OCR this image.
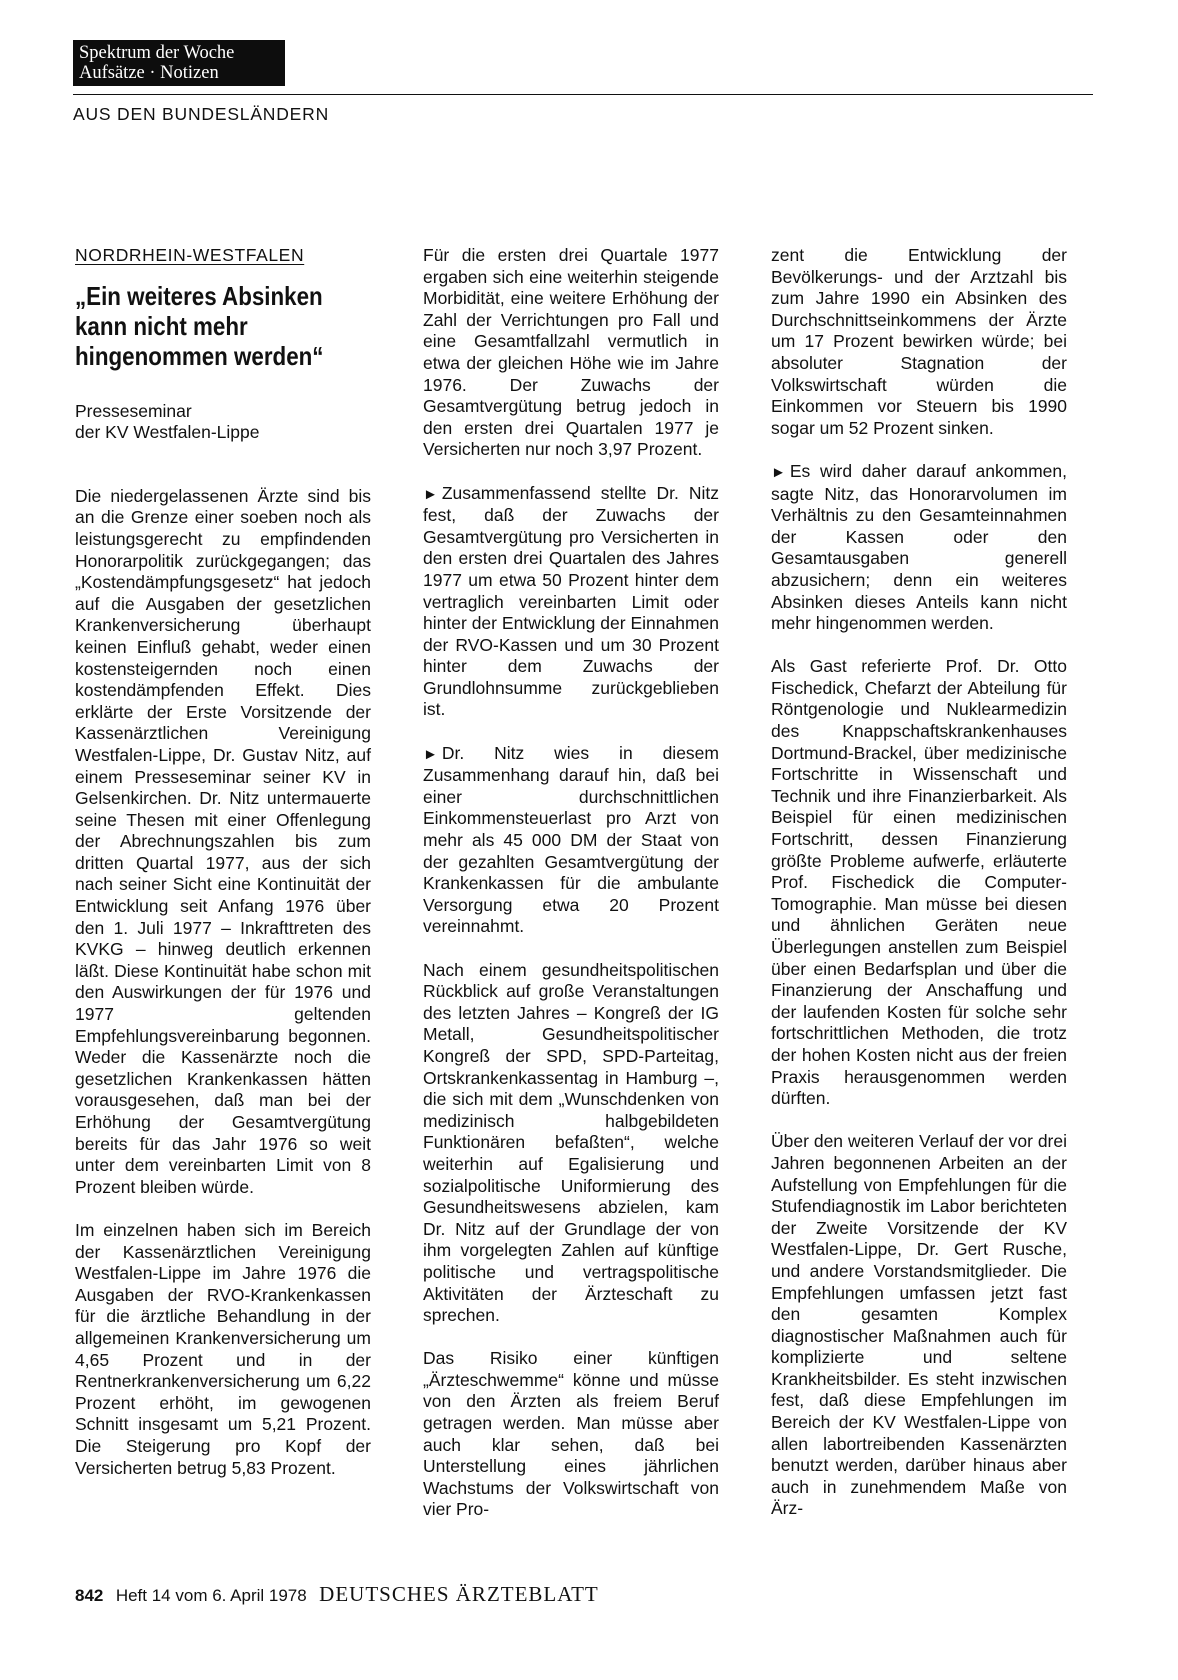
Spektrum der Woche
Aufsätze · Notizen
AUS DEN BUNDESLÄNDERN
NORDRHEIN-WESTFALEN
„Ein weiteres Absinken kann nicht mehr hingenommen werden“
Presseseminar
der KV Westfalen-Lippe

Die niedergelassenen Ärzte sind bis an die Grenze einer soeben noch als leistungsgerecht zu empfindenden Honorarpolitik zurückgegangen; das „Kostendämpfungsgesetz“ hat jedoch auf die Ausgaben der gesetzlichen Krankenversicherung überhaupt keinen Einfluß gehabt, weder einen kostensteigernden noch einen kostendämpfenden Effekt. Dies erklärte der Erste Vorsitzende der Kassenärztlichen Vereinigung Westfalen-Lippe, Dr. Gustav Nitz, auf einem Presseseminar seiner KV in Gelsenkirchen. Dr. Nitz untermauerte seine Thesen mit einer Offenlegung der Abrechnungszahlen bis zum dritten Quartal 1977, aus der sich nach seiner Sicht eine Kontinuität der Entwicklung seit Anfang 1976 über den 1. Juli 1977 – Inkrafttreten des KVKG – hinweg deutlich erkennen läßt. Diese Kontinuität habe schon mit den Auswirkungen der für 1976 und 1977 geltenden Empfehlungsvereinbarung begonnen. Weder die Kassenärzte noch die gesetzlichen Krankenkassen hätten vorausgesehen, daß man bei der Erhöhung der Gesamtvergütung bereits für das Jahr 1976 so weit unter dem vereinbarten Limit von 8 Prozent bleiben würde.

Im einzelnen haben sich im Bereich der Kassenärztlichen Vereinigung Westfalen-Lippe im Jahre 1976 die Ausgaben der RVO-Krankenkassen für die ärztliche Behandlung in der allgemeinen Krankenversicherung um 4,65 Prozent und in der Rentnerkrankenversicherung um 6,22 Prozent erhöht, im gewogenen Schnitt insgesamt um 5,21 Prozent. Die Steigerung pro Kopf der Versicherten betrug 5,83 Prozent.

Für die ersten drei Quartale 1977 ergaben sich eine weiterhin steigende Morbidität, eine weitere Erhöhung der Zahl der Verrichtungen pro Fall und eine Gesamtfallzahl vermutlich in etwa der gleichen Höhe wie im Jahre 1976. Der Zuwachs der Gesamtvergütung betrug jedoch in den ersten drei Quartalen 1977 je Versicherten nur noch 3,97 Prozent.

► Zusammenfassend stellte Dr. Nitz fest, daß der Zuwachs der Gesamtvergütung pro Versicherten in den ersten drei Quartalen des Jahres 1977 um etwa 50 Prozent hinter dem vertraglich vereinbarten Limit oder hinter der Entwicklung der Einnahmen der RVO-Kassen und um 30 Prozent hinter dem Zuwachs der Grundlohnsumme zurückgeblieben ist.

► Dr. Nitz wies in diesem Zusammenhang darauf hin, daß bei einer durchschnittlichen Einkommensteuerlast pro Arzt von mehr als 45 000 DM der Staat von der gezahlten Gesamtvergütung der Krankenkassen für die ambulante Versorgung etwa 20 Prozent vereinnahmt.

Nach einem gesundheitspolitischen Rückblick auf große Veranstaltungen des letzten Jahres – Kongreß der IG Metall, Gesundheitspolitischer Kongreß der SPD, SPD-Parteitag, Ortskrankenkassentag in Hamburg –, die sich mit dem „Wunschdenken von medizinisch halbgebildeten Funktionären befaßten“, welche weiterhin auf Egalisierung und sozialpolitische Uniformierung des Gesundheitswesens abzielen, kam Dr. Nitz auf der Grundlage der von ihm vorgelegten Zahlen auf künftige politische und vertragspolitische Aktivitäten der Ärzteschaft zu sprechen.

Das Risiko einer künftigen „Ärzteschwemme“ könne und müsse von den Ärzten als freiem Beruf getragen werden. Man müsse aber auch klar sehen, daß bei Unterstellung eines jährlichen Wachstums der Volkswirtschaft von vier Pro-

zent die Entwicklung der Bevölkerungs- und der Arztzahl bis zum Jahre 1990 ein Absinken des Durchschnittseinkommens der Ärzte um 17 Prozent bewirken würde; bei absoluter Stagnation der Volkswirtschaft würden die Einkommen vor Steuern bis 1990 sogar um 52 Prozent sinken.

► Es wird daher darauf ankommen, sagte Nitz, das Honorarvolumen im Verhältnis zu den Gesamteinnahmen der Kassen oder den Gesamtausgaben generell abzusichern; denn ein weiteres Absinken dieses Anteils kann nicht mehr hingenommen werden.

Als Gast referierte Prof. Dr. Otto Fischedick, Chefarzt der Abteilung für Röntgenologie und Nuklearmedizin des Knappschaftskrankenhauses Dortmund-Brackel, über medizinische Fortschritte in Wissenschaft und Technik und ihre Finanzierbarkeit. Als Beispiel für einen medizinischen Fortschritt, dessen Finanzierung größte Probleme aufwerfe, erläuterte Prof. Fischedick die Computer-Tomographie. Man müsse bei diesen und ähnlichen Geräten neue Überlegungen anstellen zum Beispiel über einen Bedarfsplan und über die Finanzierung der Anschaffung und der laufenden Kosten für solche sehr fortschrittlichen Methoden, die trotz der hohen Kosten nicht aus der freien Praxis herausgenommen werden dürften.

Über den weiteren Verlauf der vor drei Jahren begonnenen Arbeiten an der Aufstellung von Empfehlungen für die Stufendiagnostik im Labor berichteten der Zweite Vorsitzende der KV Westfalen-Lippe, Dr. Gert Rusche, und andere Vorstandsmitglieder. Die Empfehlungen umfassen jetzt fast den gesamten Komplex diagnostischer Maßnahmen auch für komplizierte und seltene Krankheitsbilder. Es steht inzwischen fest, daß diese Empfehlungen im Bereich der KV Westfalen-Lippe von allen labortreibenden Kassenärzten benutzt werden, darüber hinaus aber auch in zunehmendem Maße von Ärz-

842 Heft 14 vom 6. April 1978 DEUTSCHES ÄRZTEBLATT
